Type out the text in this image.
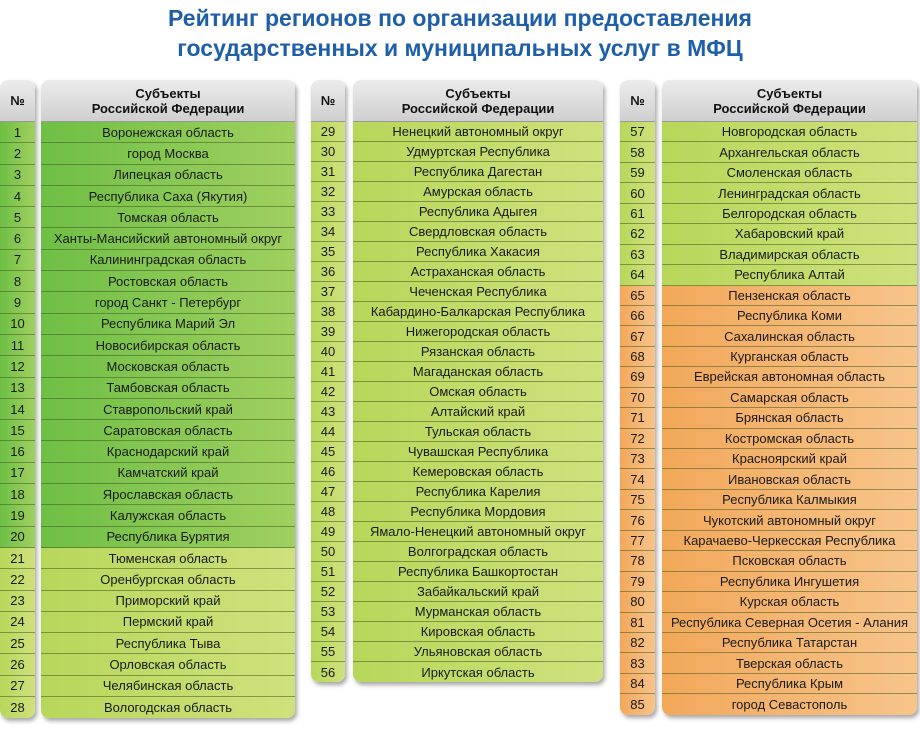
Рейтинг регионов по организации предоставления
государственных и муниципальных услуг в МФЦ
№
1
2
3
4
5
6
7
8
9
10
11
12
13
14
15
16
17
18
19
20
21
22
23
24
25
26
27
28
Субъекты
Российской Федерации
Воронежская область
город Москва
Липецкая область
Республика Саха (Якутия)
Томская область
Ханты-Мансийский автономный округ
Калининградская область
Ростовская область
город Санкт - Петербург
Республика Марий Эл
Новосибирская область
Московская область
Тамбовская область
Ставропольский край
Саратовская область
Краснодарский край
Камчатский край
Ярославская область
Калужская область
Республика Бурятия
Тюменская область
Оренбургская область
Приморский край
Пермский край
Республика Тыва
Орловская область
Челябинская область
Вологодская область
№
29
30
31
32
33
34
35
36
37
38
39
40
41
42
43
44
45
46
47
48
49
50
51
52
53
54
55
56
Субъекты
Российской Федерации
Ненецкий автономный округ
Удмуртская Республика
Республика Дагестан
Амурская область
Республика Адыгея
Свердловская область
Республика Хакасия
Астраханская область
Чеченская Республика
Кабардино-Балкарская Республика
Нижегородская область
Рязанская область
Магаданская область
Омская область
Алтайский край
Тульская область
Чувашская Республика
Кемеровская область
Республика Карелия
Республика Мордовия
Ямало-Ненецкий автономный округ
Волгоградская область
Республика Башкортостан
Забайкальский край
Мурманская область
Кировская область
Ульяновская область
Иркутская область
№
57
58
59
60
61
62
63
64
65
66
67
68
69
70
71
72
73
74
75
76
77
78
79
80
81
82
83
84
85
Субъекты
Российской Федерации
Новгородская область
Архангельская область
Смоленская область
Ленинградская область
Белгородская область
Хабаровский край
Владимирская область
Республика Алтай
Пензенская область
Республика Коми
Сахалинская область
Курганская область
Еврейская автономная область
Самарская область
Брянская область
Костромская область
Красноярский край
Ивановская область
Республика Калмыкия
Чукотский автономный округ
Карачаево-Черкесская Республика
Псковская область
Республика Ингушетия
Курская область
Республика Северная Осетия - Алания
Республика Татарстан
Тверская область
Республика Крым
город Севастополь
